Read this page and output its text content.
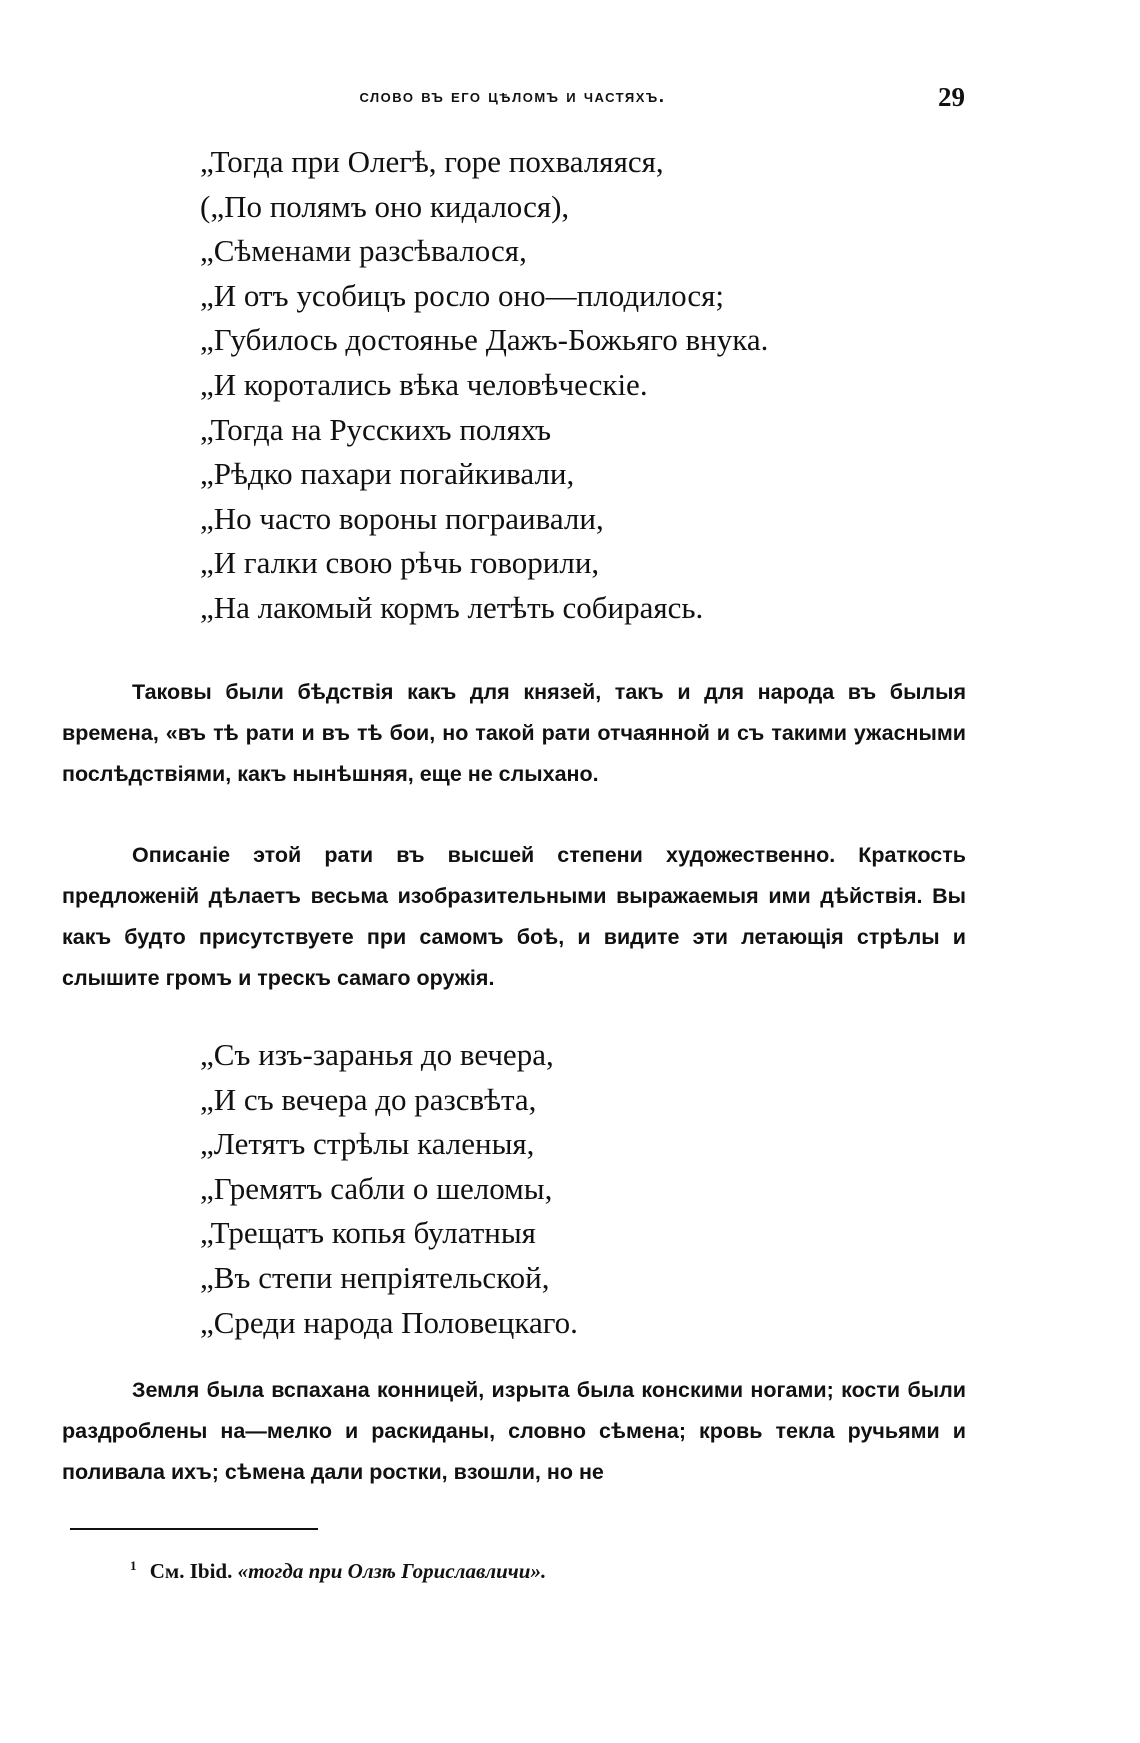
слово въ его цѣломъ и частяхъ.	29
„Тогда при Олегѣ, горе похваляяся,
(„По полямъ оно кидалося),
„Сѣменами разсѣвалося,
„И отъ усобицъ росло оно—плодилося;
„Губилось достоянье Дажъ-Божьяго внука.
„И коротались вѣка человѣческіе.
„Тогда на Русскихъ поляхъ
„Рѣдко пахари погайкивали,
„Но часто вороны пограивали,
„И галки свою рѣчь говорили,
„На лакомый кормъ летѣть собираясь.

Таковы были бѣдствія какъ для князей, такъ и для народа въ былыя времена, «въ тѣ рати и въ тѣ бои, но такой рати отчаянной и съ такими ужасными послѣдствіями, какъ нынѣшняя, еще не слыхано.

Описаніе этой рати въ высшей степени художественно. Краткость предложеній дѣлаетъ весьма изобразительными выражаемыя ими дѣйствія. Вы какъ будто присутствуете при самомъ боѣ, и видите эти летающія стрѣлы и слышите громъ и трескъ самаго оружія.

„Съ изъ-заранья до вечера,
„И съ вечера до разсвѣта,
„Летятъ стрѣлы каленыя,
„Гремятъ сабли о шеломы,
„Трещатъ копья булатныя
„Въ степи непріятельской,
„Среди народа Половецкаго.

Земля была вспахана конницей, изрыта была конскими ногами; кости были раздроблены на—мелко и раскиданы, словно сѣмена; кровь текла ручьями и поливала ихъ; сѣмена дали ростки, взошли, но не

$^1$ См. Ibid. «тогда при Олзѣ Гориславличи».
